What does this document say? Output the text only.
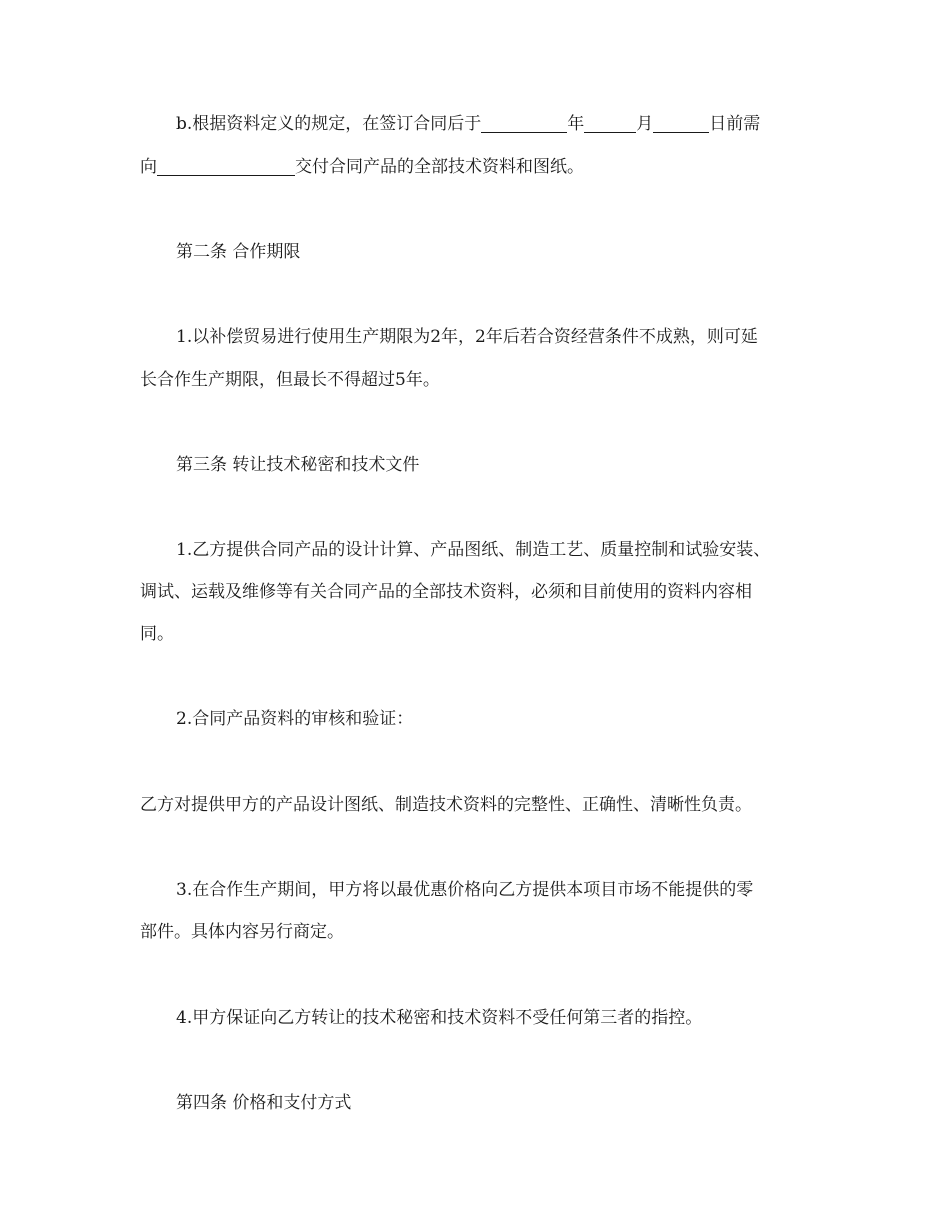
b.根据资料定义的规定，在签订合同后于	年	月	日前需
向	交付合同产品的全部技术资料和图纸。
第二条 合作期限
1.以补偿贸易进行使用生产期限为2年，2年后若合资经营条件不成熟，则可延
长合作生产期限，但最长不得超过5年。
第三条 转让技术秘密和技术文件
1.乙方提供合同产品的设计计算、产品图纸、制造工艺、质量控制和试验安装、
调试、运载及维修等有关合同产品的全部技术资料，必须和目前使用的资料内容相
同。
2.合同产品资料的审核和验证：
乙方对提供甲方的产品设计图纸、制造技术资料的完整性、正确性、清晰性负责。
3.在合作生产期间，甲方将以最优惠价格向乙方提供本项目市场不能提供的零
部件。具体内容另行商定。
4.甲方保证向乙方转让的技术秘密和技术资料不受任何第三者的指控。
第四条 价格和支付方式
